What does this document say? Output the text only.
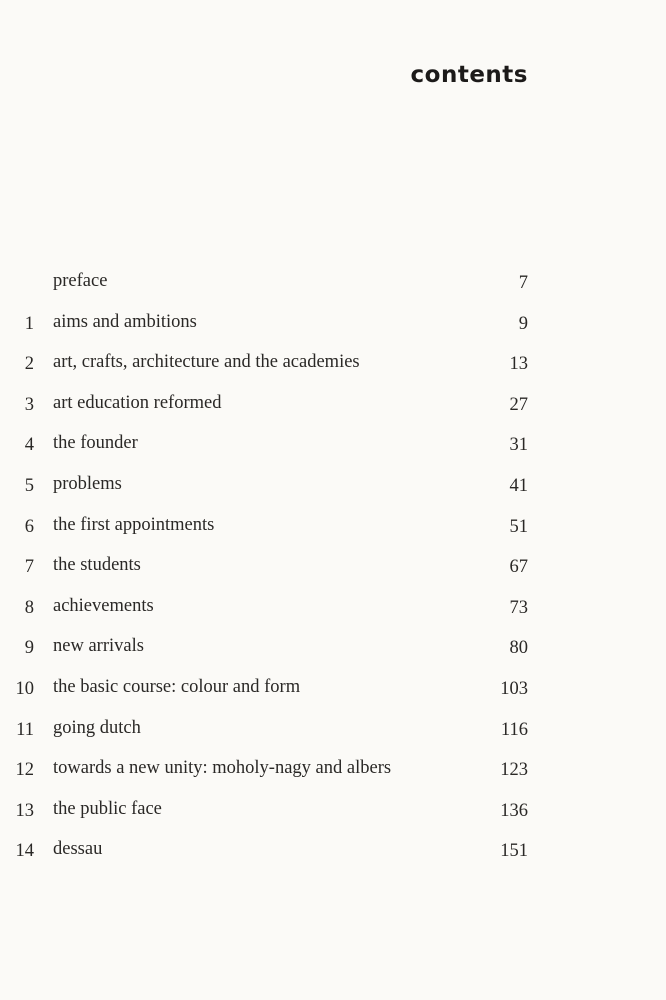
contents
preface	7
1 aims and ambitions	9
2 art, crafts, architecture and the academies	13
3 art education reformed	27
4 the founder	31
5 problems	41
6 the first appointments	51
7 the students	67
8 achievements	73
9 new arrivals	80
10 the basic course: colour and form	103
11 going dutch	116
12 towards a new unity: moholy-nagy and albers	123
13 the public face	136
14 dessau	151
